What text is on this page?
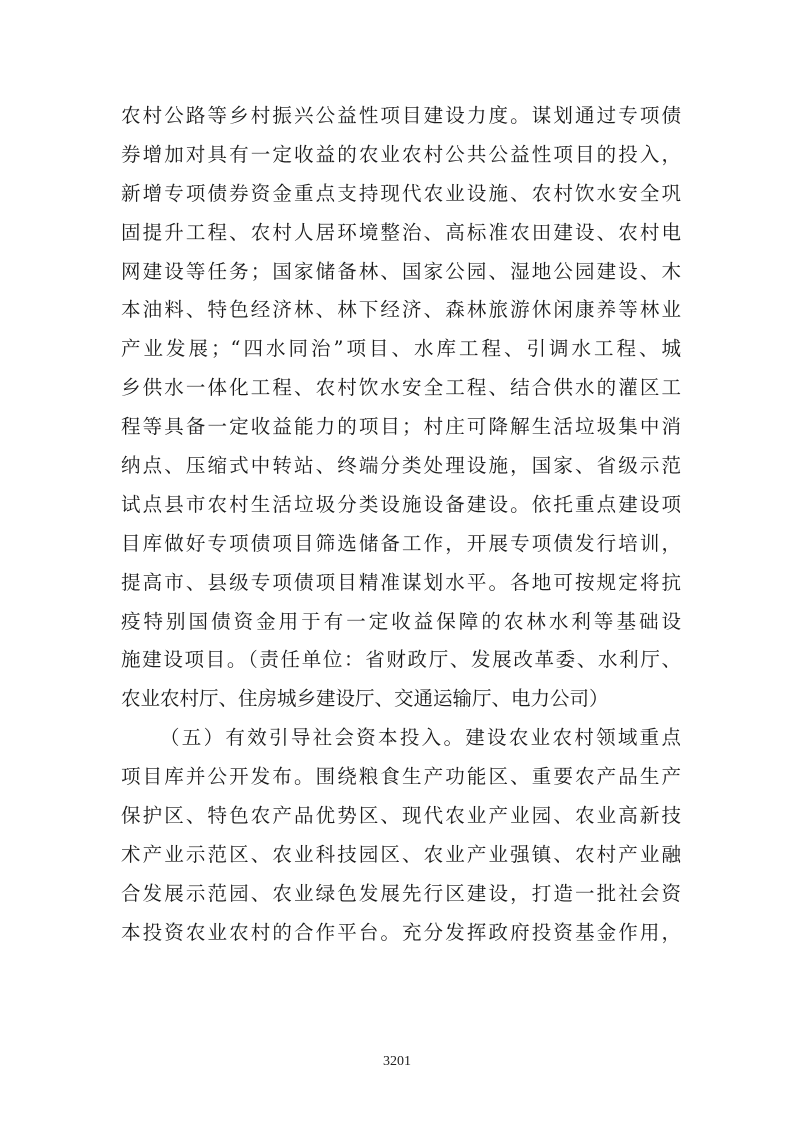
农村公路等乡村振兴公益性项目建设力度。谋划通过专项债
券增加对具有一定收益的农业农村公共公益性项目的投入，
新增专项债券资金重点支持现代农业设施、农村饮水安全巩
固提升工程、农村人居环境整治、高标准农田建设、农村电
网建设等任务；国家储备林、国家公园、湿地公园建设、木
本油料、特色经济林、林下经济、森林旅游休闲康养等林业
产业发展；“四水同治”项目、水库工程、引调水工程、城
乡供水一体化工程、农村饮水安全工程、结合供水的灌区工
程等具备一定收益能力的项目；村庄可降解生活垃圾集中消
纳点、压缩式中转站、终端分类处理设施，国家、省级示范
试点县市农村生活垃圾分类设施设备建设。依托重点建设项
目库做好专项债项目筛选储备工作，开展专项债发行培训，
提高市、县级专项债项目精准谋划水平。各地可按规定将抗
疫特别国债资金用于有一定收益保障的农林水利等基础设
施建设项目。（责任单位：省财政厅、发展改革委、水利厅、
农业农村厅、住房城乡建设厅、交通运输厅、电力公司）
（五）有效引导社会资本投入。建设农业农村领域重点
项目库并公开发布。围绕粮食生产功能区、重要农产品生产
保护区、特色农产品优势区、现代农业产业园、农业高新技
术产业示范区、农业科技园区、农业产业强镇、农村产业融
合发展示范园、农业绿色发展先行区建设，打造一批社会资
本投资农业农村的合作平台。充分发挥政府投资基金作用，
3201
